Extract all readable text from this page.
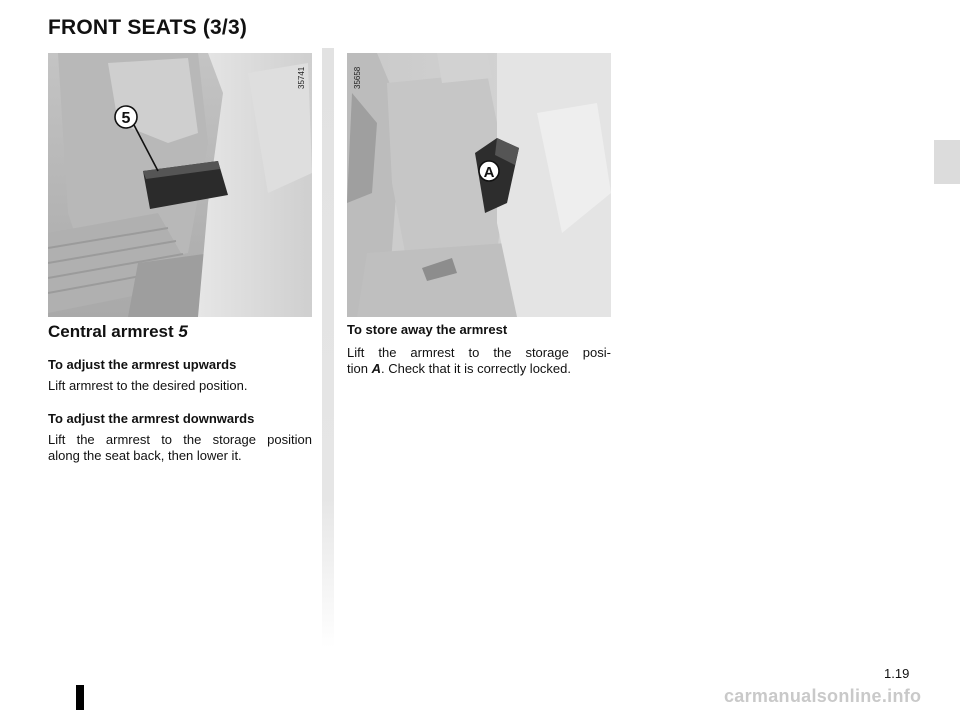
FRONT SEATS (3/3)
5
35741
A
35658
Central armrest 5
To adjust the armrest upwards
Lift armrest to the desired position.
To adjust the armrest downwards
Lift the armrest to the storage position
along the seat back, then lower it.
To store away the armrest
Lift the armrest to the storage posi-
tion A. Check that it is correctly locked.
1.19
carmanualsonline.info
